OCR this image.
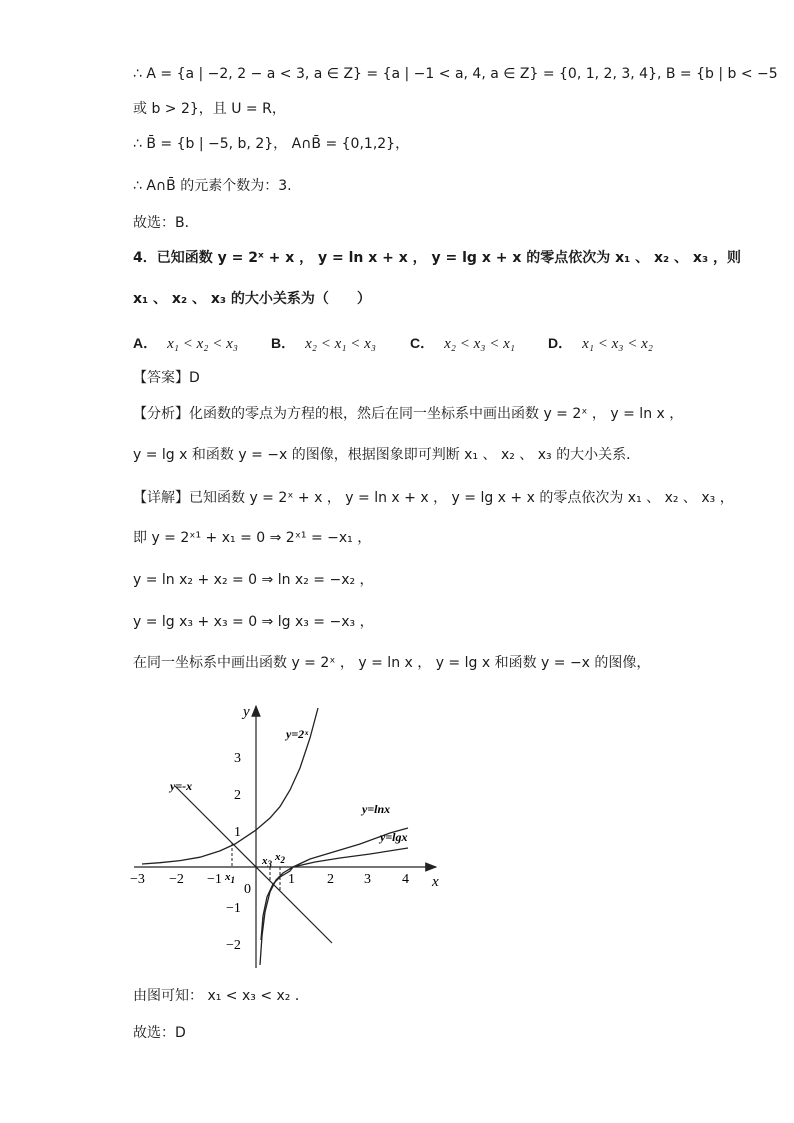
∴ A = {a | −2, 2 − a < 3, a ∈ Z} = {a | −1 < a, 4, a ∈ Z} = {0, 1, 2, 3, 4}, B = {b | b < −5
或 b > 2}，且 U = R，
∴ B̄ = {b | −5, b, 2}， A∩B̄ = {0,1,2}，
∴ A∩B̄ 的元素个数为：3.
故选：B．
4．已知函数 y = 2ˣ + x ， y = ln x + x ， y = lg x + x 的零点依次为 x₁ 、 x₂ 、 x₃ ，则
x₁ 、 x₂ 、 x₃ 的大小关系为（　　）
A． x₁ < x₂ < x₃ B． x₂ < x₁ < x₃ C． x₂ < x₃ < x₁ D． x₁ < x₃ < x₂
【答案】D
【分析】化函数的零点为方程的根，然后在同一坐标系中画出函数 y = 2ˣ ， y = ln x ，
y = lg x 和函数 y = −x 的图像，根据图象即可判断 x₁ 、 x₂ 、 x₃ 的大小关系．
【详解】已知函数 y = 2ˣ + x ， y = ln x + x ， y = lg x + x 的零点依次为 x₁ 、 x₂ 、 x₃ ，
即 y = 2ˣ¹ + x₁ = 0 ⇒ 2ˣ¹ = −x₁ ，
y = ln x₂ + x₂ = 0 ⇒ ln x₂ = −x₂ ，
y = lg x₃ + x₃ = 0 ⇒ lg x₃ = −x₃ ，
在同一坐标系中画出函数 y = 2ˣ ， y = ln x ， y = lg x 和函数 y = −x 的图像，
−3 −2 −1	1 2 3 4
3
2
1
0
−1
−2
x
y
y=2ˣ
y=-x
y=lnx
y=lgx
$x_1$
$x_3$
$x_2$
由图可知： x₁ < x₃ < x₂ ．
故选：D
